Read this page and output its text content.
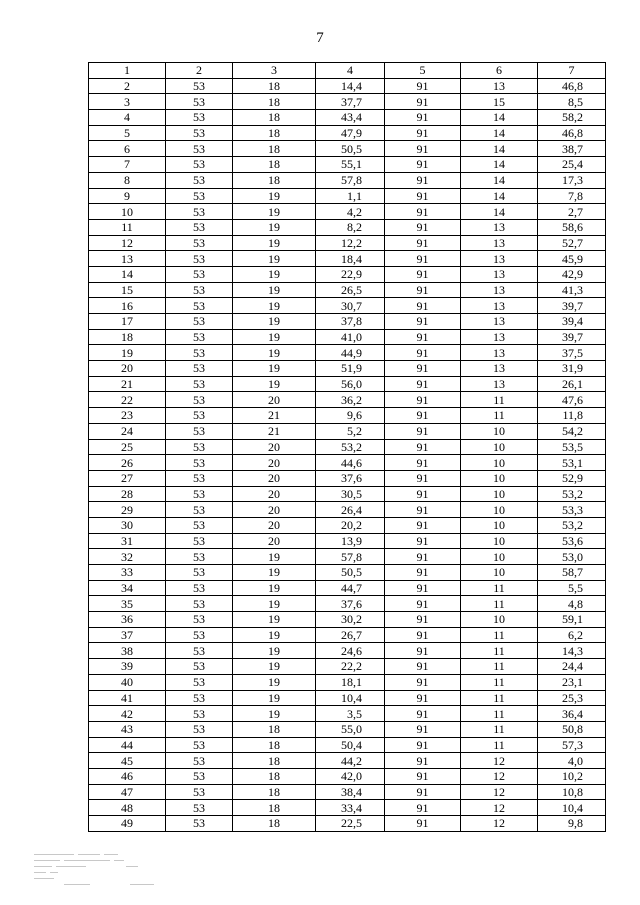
7
1	2	3	4	5	6	7
2	53	18	14,4	91	13	46,8
3	53	18	37,7	91	15	8,5
4	53	18	43,4	91	14	58,2
5	53	18	47,9	91	14	46,8
6	53	18	50,5	91	14	38,7
7	53	18	55,1	91	14	25,4
8	53	18	57,8	91	14	17,3
9	53	19	1,1	91	14	7,8
10	53	19	4,2	91	14	2,7
11	53	19	8,2	91	13	58,6
12	53	19	12,2	91	13	52,7
13	53	19	18,4	91	13	45,9
14	53	19	22,9	91	13	42,9
15	53	19	26,5	91	13	41,3
16	53	19	30,7	91	13	39,7
17	53	19	37,8	91	13	39,4
18	53	19	41,0	91	13	39,7
19	53	19	44,9	91	13	37,5
20	53	19	51,9	91	13	31,9
21	53	19	56,0	91	13	26,1
22	53	20	36,2	91	11	47,6
23	53	21	9,6	91	11	11,8
24	53	21	5,2	91	10	54,2
25	53	20	53,2	91	10	53,5
26	53	20	44,6	91	10	53,1
27	53	20	37,6	91	10	52,9
28	53	20	30,5	91	10	53,2
29	53	20	26,4	91	10	53,3
30	53	20	20,2	91	10	53,2
31	53	20	13,9	91	10	53,6
32	53	19	57,8	91	10	53,0
33	53	19	50,5	91	10	58,7
34	53	19	44,7	91	11	5,5
35	53	19	37,6	91	11	4,8
36	53	19	30,2	91	10	59,1
37	53	19	26,7	91	11	6,2
38	53	19	24,6	91	11	14,3
39	53	19	22,2	91	11	24,4
40	53	19	18,1	91	11	23,1
41	53	19	10,4	91	11	25,3
42	53	19	3,5	91	11	36,4
43	53	18	55,0	91	11	50,8
44	53	18	50,4	91	11	57,3
45	53	18	44,2	91	12	4,0
46	53	18	42,0	91	12	10,2
47	53	18	38,4	91	12	10,8
48	53	18	33,4	91	12	10,4
49	53	18	22,5	91	12	9,8
